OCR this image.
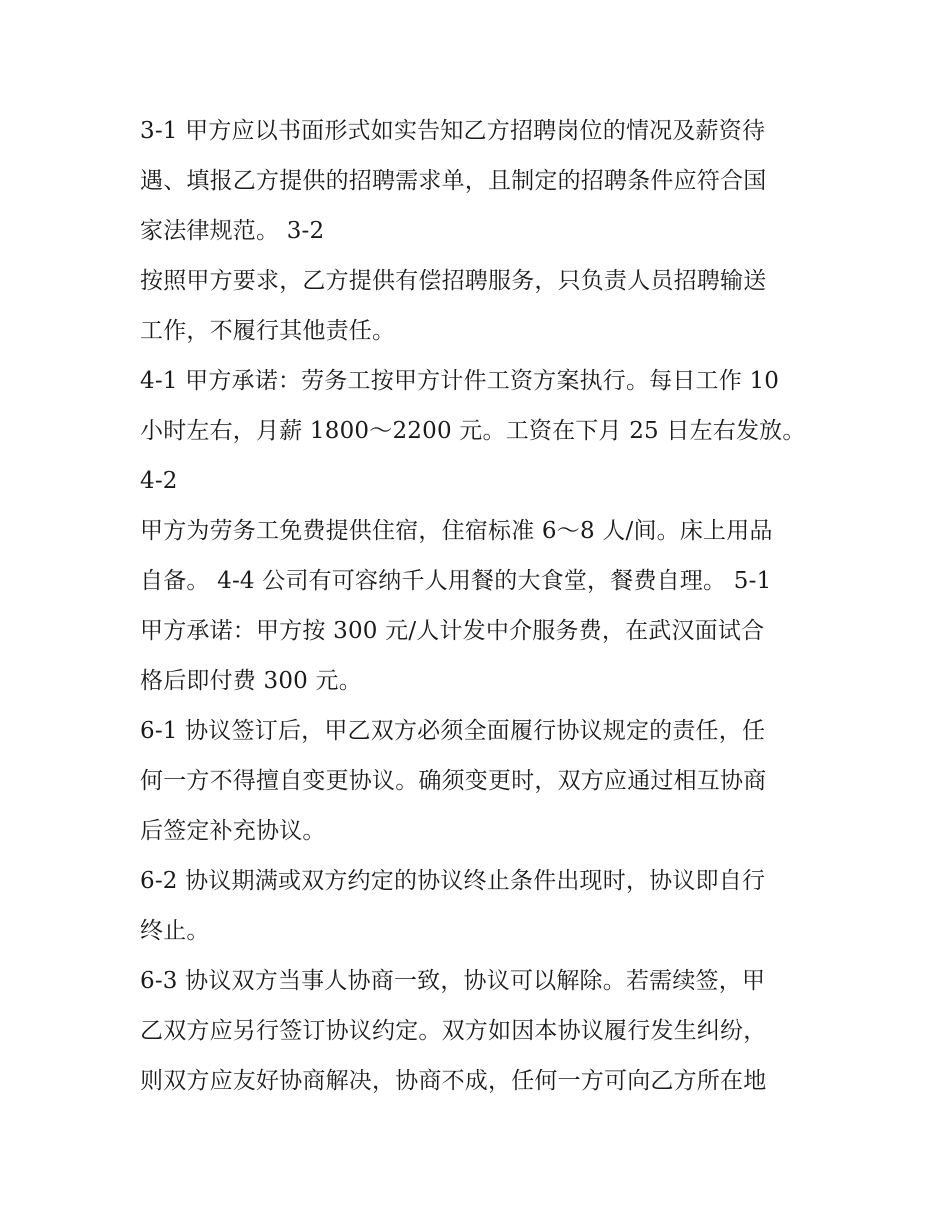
3-1 甲方应以书面形式如实告知乙方招聘岗位的情况及薪资待
遇、填报乙方提供的招聘需求单，且制定的招聘条件应符合国
家法律规范。 3-2
按照甲方要求，乙方提供有偿招聘服务，只负责人员招聘输送
工作，不履行其他责任。
4-1 甲方承诺：劳务工按甲方计件工资方案执行。每日工作 10
小时左右，月薪 1800～2200 元。工资在下月 25 日左右发放。
4-2
甲方为劳务工免费提供住宿，住宿标准 6～8 人/间。床上用品
自备。 4-4 公司有可容纳千人用餐的大食堂，餐费自理。 5-1
甲方承诺：甲方按 300 元/人计发中介服务费，在武汉面试合
格后即付费 300 元。
6-1 协议签订后，甲乙双方必须全面履行协议规定的责任，任
何一方不得擅自变更协议。确须变更时，双方应通过相互协商
后签定补充协议。
6-2 协议期满或双方约定的协议终止条件出现时，协议即自行
终止。
6-3 协议双方当事人协商一致，协议可以解除。若需续签，甲
乙双方应另行签订协议约定。双方如因本协议履行发生纠纷，
则双方应友好协商解决，协商不成，任何一方可向乙方所在地
